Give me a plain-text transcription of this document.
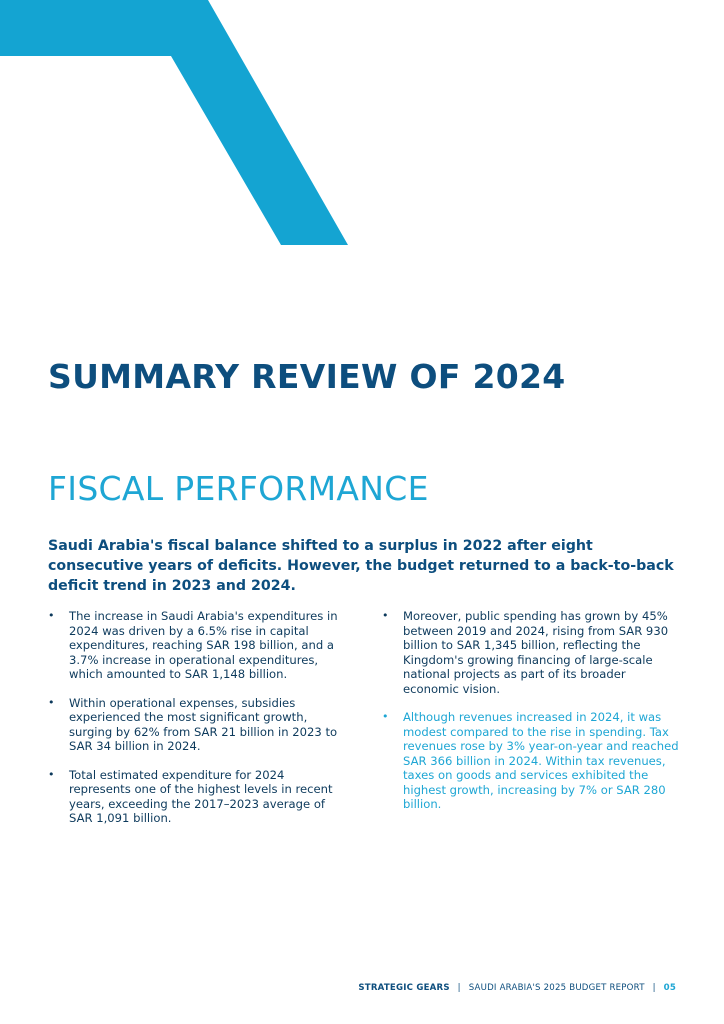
SUMMARY REVIEW OF 2024
FISCAL PERFORMANCE
Saudi Arabia's fiscal balance shifted to a surplus in 2022 after eight consecutive years of deficits. However, the budget returned to a back-to-back deficit trend in 2023 and 2024.
• The increase in Saudi Arabia's expenditures in 2024 was driven by a 6.5% rise in capital expenditures, reaching SAR 198 billion, and a 3.7% increase in operational expenditures, which amounted to SAR 1,148 billion.
• Within operational expenses, subsidies experienced the most significant growth, surging by 62% from SAR 21 billion in 2023 to SAR 34 billion in 2024.
• Total estimated expenditure for 2024 represents one of the highest levels in recent years, exceeding the 2017–2023 average of SAR 1,091 billion.
• Moreover, public spending has grown by 45% between 2019 and 2024, rising from SAR 930 billion to SAR 1,345 billion, reflecting the Kingdom's growing financing of large-scale national projects as part of its broader economic vision.
• Although revenues increased in 2024, it was modest compared to the rise in spending. Tax revenues rose by 3% year-on-year and reached SAR 366 billion in 2024. Within tax revenues, taxes on goods and services exhibited the highest growth, increasing by 7% or SAR 280 billion.
STRATEGIC GEARS | SAUDI ARABIA'S 2025 BUDGET REPORT | 05
